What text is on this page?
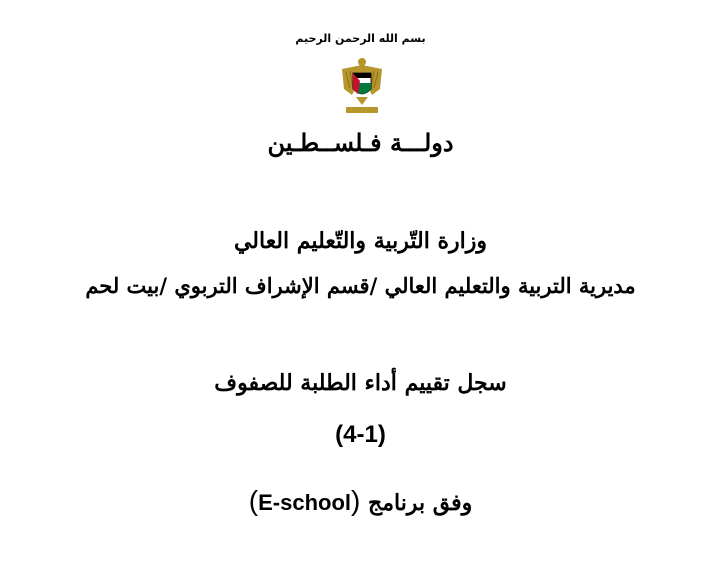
بسم الله الرحمن الرحيم
دولـــة فـلســطـين
وزارة التّربية والتّعليم العالي
مديرية التربية والتعليم العالي /قسم الإشراف التربوي /بيت لحم
سجل تقييم أداء الطلبة للصفوف
(4-1)
وفق برنامج (E-school)
